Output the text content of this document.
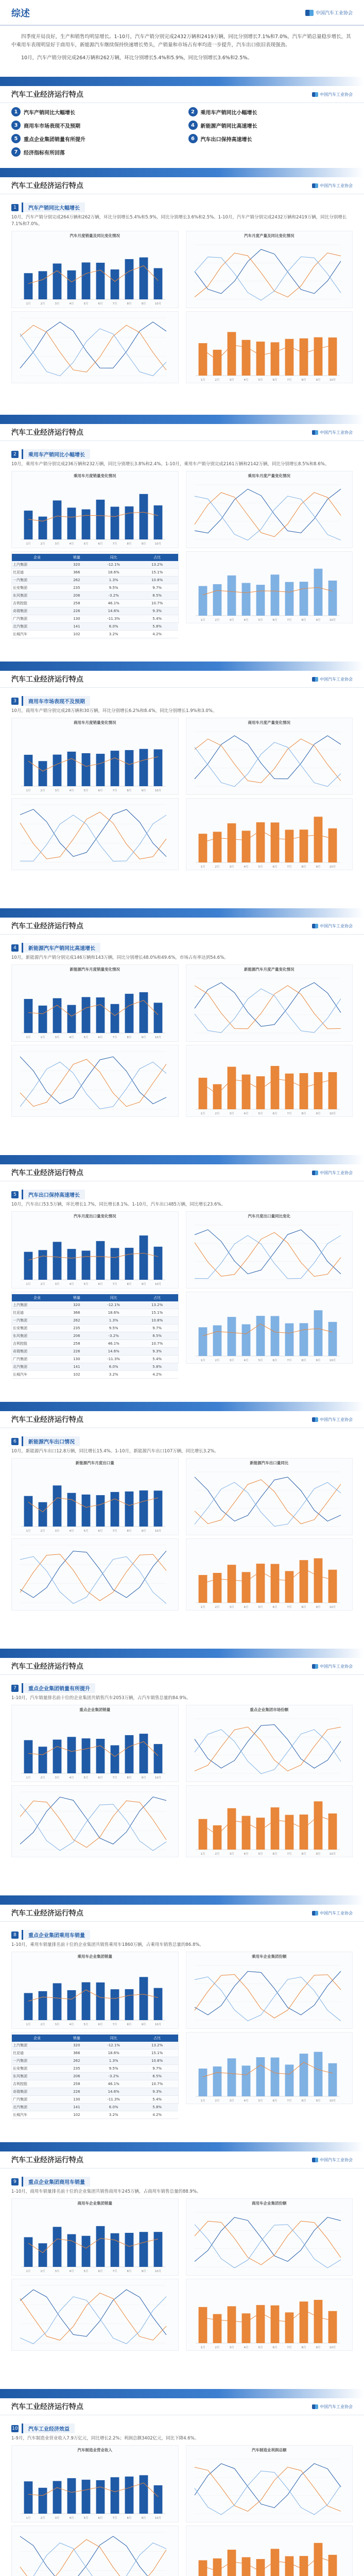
综述	中国汽车工业协会

四季度开局良好，生产和销售均明显增长。1-10月，汽车产销分别完成2432万辆和2419万辆，同比分别增长7.1%和7.0%，汽车产销总量稳步增长，其中乘用车表现明显好于商用车，新能源汽车继续保持快速增长势头，产销量和市场占有率均进一步提升，汽车出口依旧表现强劲。

10月，汽车产销分别完成264万辆和262万辆，环比分别增长5.4%和5.9%，同比分别增长3.6%和2.5%。

汽车工业经济运行特点	中国汽车工业协会
1	汽车产销同比大幅增长	2	乘用车产销同比小幅增长
3	商用车市场表现不及预期	4	新能源产销同比高速增长
5	重点企业集团销量有所提升	6	汽车出口保持高速增长
7	经济指标有所回落
汽车工业经济运行特点	中国汽车工业协会
1	汽车产销同比大幅增长
10月，汽车产销分别完成264万辆和262万辆，环比分别增长5.4%和5.9%，同比分别增长3.6%和2.5%。1-10月，汽车产销分别完成2432万辆和2419万辆，同比分别增长7.1%和7.0%。
汽车月度销量及同比变化情况
1月	2月	3月	4月	5月	6月	7月	8月	9月	10月
汽车月度产量及同比变化情况
1月	2月	3月	4月	5月	6月	7月	8月	9月	10月
汽车工业经济运行特点	中国汽车工业协会
2	乘用车产销同比小幅增长
10月，乘用车产销分别完成236万辆和232万辆，同比分别增长3.8%和2.4%。1-10月，乘用车产销分别完成2161万辆和2142万辆，同比分别增长8.5%和8.6%。
乘用车月度销量变化情况
1月	2月	3月	4月	5月	6月	7月	8月	9月	10月
乘用车月度产量变化情况
企业	销量	同比	占比
上汽集团	320	-12.1%	13.2%
比亚迪	366	18.6%	15.1%
一汽集团	262	1.3%	10.8%
长安集团	235	9.5%	9.7%
东风集团	206	-3.2%	8.5%
吉利控股	258	46.1%	10.7%
奇瑞集团	226	14.6%	9.3%
广汽集团	130	-11.3%	5.4%
北汽集团	141	6.0%	5.8%
长城汽车	102	3.2%	4.2%
1月	2月	3月	4月	5月	6月	7月	8月	9月	10月
汽车工业经济运行特点	中国汽车工业协会
3	商用车市场表现不及预期
10月，商用车产销分别完成28万辆和30万辆，环比分别增长6.2%和8.4%，同比分别增长1.9%和3.0%。
商用车月度销量变化情况
1月	2月	3月	4月	5月	6月	7月	8月	9月	10月
商用车月度产量变化情况
1月	2月	3月	4月	5月	6月	7月	8月	9月	10月
汽车工业经济运行特点	中国汽车工业协会
4	新能源汽车产销同比高速增长
10月，新能源汽车产销分别完成146万辆和143万辆，同比分别增长48.0%和49.6%，市场占有率达到54.6%。
新能源汽车月度销量变化情况
1月	2月	3月	4月	5月	6月	7月	8月	9月	10月
新能源汽车月度产量变化情况
1月	2月	3月	4月	5月	6月	7月	8月	9月	10月
汽车工业经济运行特点	中国汽车工业协会
5	汽车出口保持高速增长
10月，汽车出口53.5万辆，环比增长1.7%，同比增长8.1%。1-10月，汽车出口485万辆，同比增长23.6%。
汽车月度出口量变化情况
1月	2月	3月	4月	5月	6月	7月	8月	9月	10月
汽车月度出口量同比变化
企业	销量	同比	占比
上汽集团	320	-12.1%	13.2%
比亚迪	366	18.6%	15.1%
一汽集团	262	1.3%	10.8%
长安集团	235	9.5%	9.7%
东风集团	206	-3.2%	8.5%
吉利控股	258	46.1%	10.7%
奇瑞集团	226	14.6%	9.3%
广汽集团	130	-11.3%	5.4%
北汽集团	141	6.0%	5.8%
长城汽车	102	3.2%	4.2%
1月	2月	3月	4月	5月	6月	7月	8月	9月	10月
汽车工业经济运行特点	中国汽车工业协会
6	新能源汽车出口情况
10月，新能源汽车出口12.8万辆，同比增长15.4%。1-10月，新能源汽车出口107万辆，同比增长3.2%。
新能源汽车月度出口量
1月	2月	3月	4月	5月	6月	7月	8月	9月	10月
新能源汽车出口量同比
1月	2月	3月	4月	5月	6月	7月	8月	9月	10月
汽车工业经济运行特点	中国汽车工业协会
7	重点企业集团销量有所提升
1-10月，汽车销量排名前十位的企业集团共销售汽车2053万辆，占汽车销售总量的84.9%。
重点企业集团销量
1月	2月	3月	4月	5月	6月	7月	8月	9月	10月
重点企业集团市场份额
1月	2月	3月	4月	5月	6月	7月	8月	9月	10月
汽车工业经济运行特点	中国汽车工业协会
8	重点企业集团乘用车销量
1-10月，乘用车销量排名前十位的企业集团共销售乘用车1860万辆，占乘用车销售总量的86.8%。
乘用车企业集团销量
1月	2月	3月	4月	5月	6月	7月	8月	9月	10月
乘用车企业集团份额
企业	销量	同比	占比
上汽集团	320	-12.1%	13.2%
比亚迪	366	18.6%	15.1%
一汽集团	262	1.3%	10.8%
长安集团	235	9.5%	9.7%
东风集团	206	-3.2%	8.5%
吉利控股	258	46.1%	10.7%
奇瑞集团	226	14.6%	9.3%
广汽集团	130	-11.3%	5.4%
北汽集团	141	6.0%	5.8%
长城汽车	102	3.2%	4.2%
1月	2月	3月	4月	5月	6月	7月	8月	9月	10月
汽车工业经济运行特点	中国汽车工业协会
9	重点企业集团商用车销量
1-10月，商用车销量排名前十位的企业集团共销售商用车245万辆，占商用车销售总量的88.9%。
商用车企业集团销量
1月	2月	3月	4月	5月	6月	7月	8月	9月	10月
商用车企业集团份额
1月	2月	3月	4月	5月	6月	7月	8月	9月	10月
汽车工业经济运行特点	中国汽车工业协会
10	汽车工业经济效益
1-9月，汽车制造业营业收入7.9万亿元，同比增长2.2%；利润总额3402亿元，同比下降4.6%。
汽车制造业营业收入
1月	2月	3月	4月	5月	6月	7月	8月	9月	10月
汽车制造业利润总额
